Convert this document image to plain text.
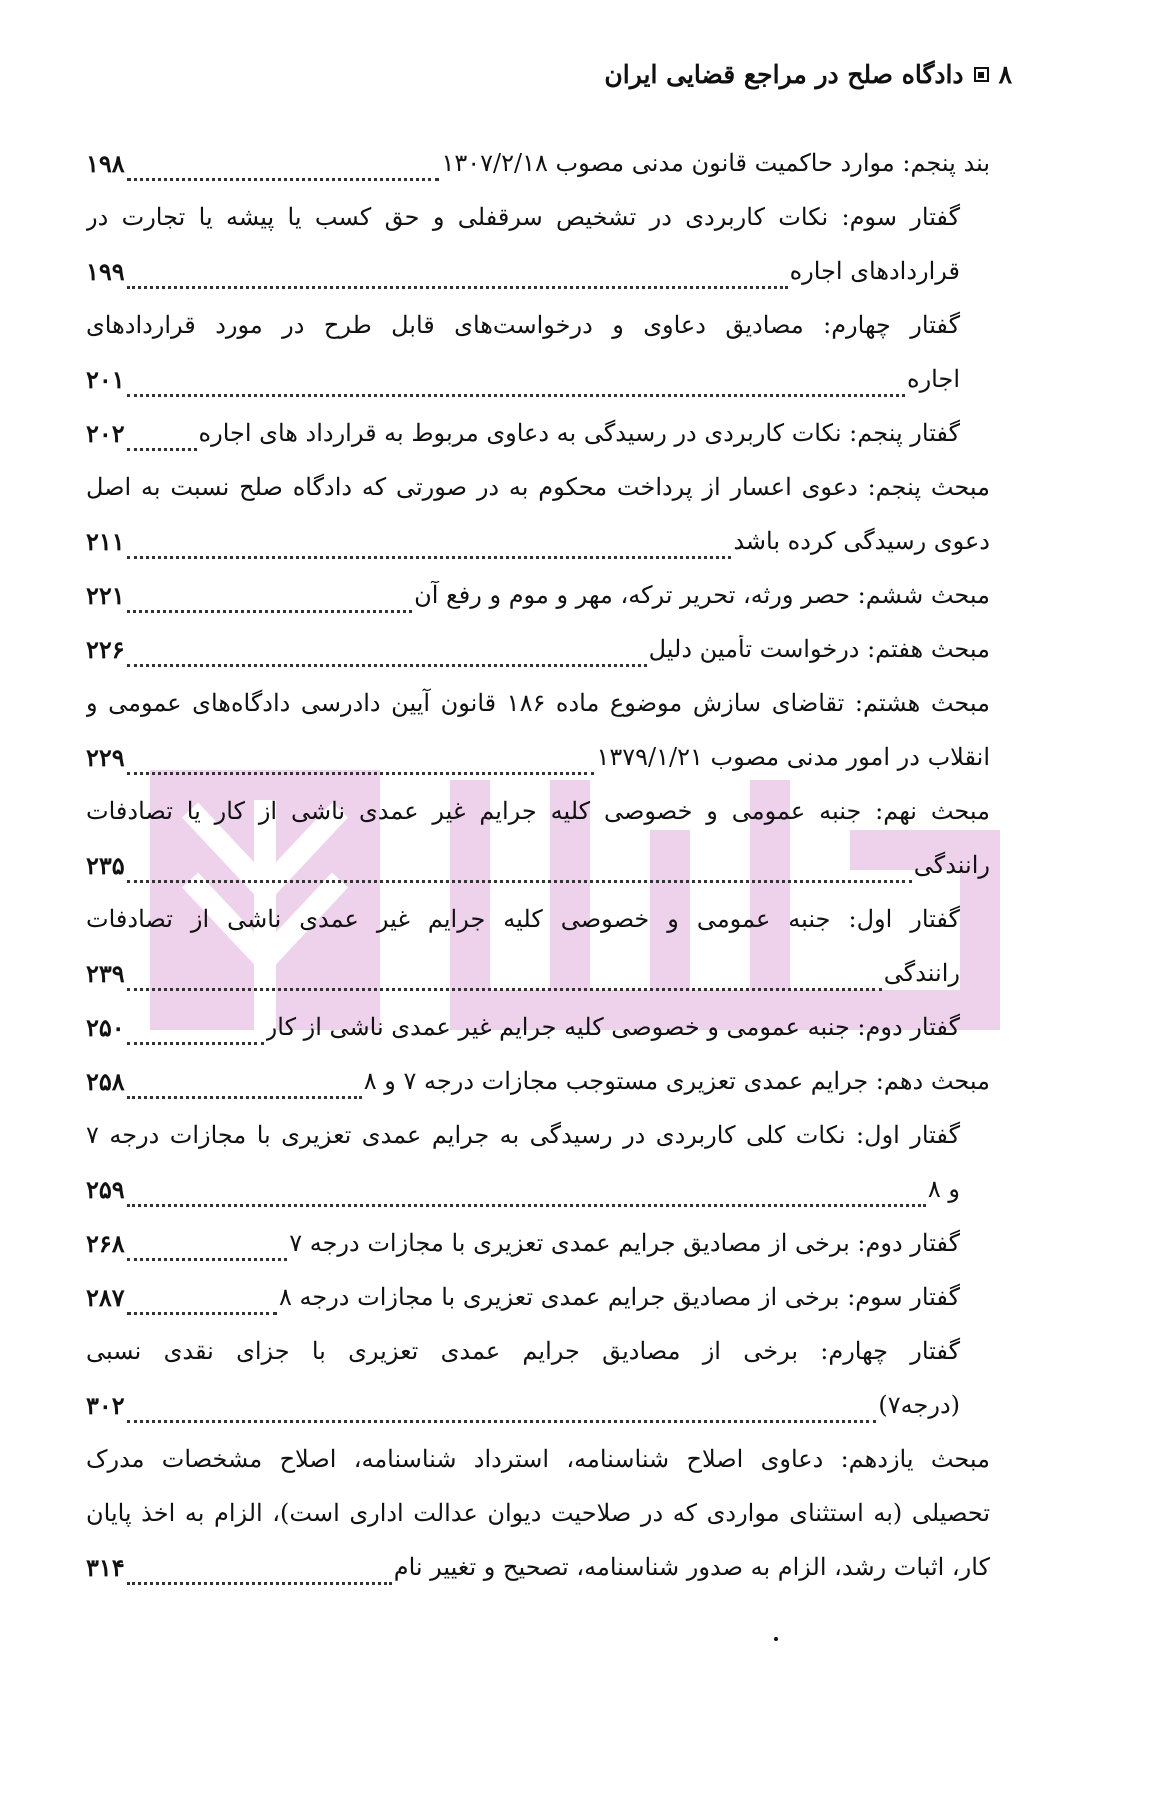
۸
دادگاه صلح در مراجع قضایی ایران
بند پنجم: موارد حاکمیت قانون مدنی مصوب ۱۳۰۷/۲/۱۸
۱۹۸
گفتار سوم: نکات کاربردی در تشخیص سرقفلی و حق کسب یا پیشه یا تجارت در
قراردادهای اجاره
۱۹۹
گفتار چهارم: مصادیق دعاوی و درخواست‌های قابل طرح در مورد قراردادهای
اجاره
۲۰۱
گفتار پنجم: نکات کاربردی در رسیدگی به دعاوی مربوط به قرارداد های اجاره
۲۰۲
مبحث پنجم: دعوی اعسار از پرداخت محکوم به در صورتی که دادگاه صلح نسبت به اصل
دعوی رسیدگی کرده باشد
۲۱۱
مبحث ششم: حصر ورثه، تحریر ترکه، مهر و موم و رفع آن
۲۲۱
مبحث هفتم: درخواست تأمین دلیل
۲۲۶
مبحث هشتم: تقاضای سازش موضوع ماده ۱۸۶ قانون آیین دادرسی دادگاه‌های عمومی و
انقلاب در امور مدنی مصوب ۱۳۷۹/۱/۲۱
۲۲۹
مبحث نهم: جنبه عمومی و خصوصی کلیه جرایم غیر عمدی ناشی از کار یا تصادفات
رانندگی
۲۳۵
گفتار اول: جنبه عمومی و خصوصی کلیه جرایم غیر عمدی ناشی از تصادفات
رانندگی
۲۳۹
گفتار دوم: جنبه عمومی و خصوصی کلیه جرایم غیر عمدی ناشی از کار
۲۵۰
مبحث دهم: جرایم عمدی تعزیری مستوجب مجازات درجه ۷ و ۸
۲۵۸
گفتار اول: نکات کلی کاربردی در رسیدگی به جرایم عمدی تعزیری با مجازات درجه ۷
و ۸
۲۵۹
گفتار دوم: برخی از مصادیق جرایم عمدی تعزیری با مجازات درجه ۷
۲۶۸
گفتار سوم: برخی از مصادیق جرایم عمدی تعزیری با مجازات درجه ۸
۲۸۷
گفتار چهارم: برخی از مصادیق جرایم عمدی تعزیری با جزای نقدی نسبی
(درجه۷)
۳۰۲
مبحث یازدهم: دعاوی اصلاح شناسنامه، استرداد شناسنامه، اصلاح مشخصات مدرک
تحصیلی (به استثنای مواردی که در صلاحیت دیوان عدالت اداری است)، الزام به اخذ پایان
کار، اثبات رشد، الزام به صدور شناسنامه، تصحیح و تغییر نام
۳۱۴
